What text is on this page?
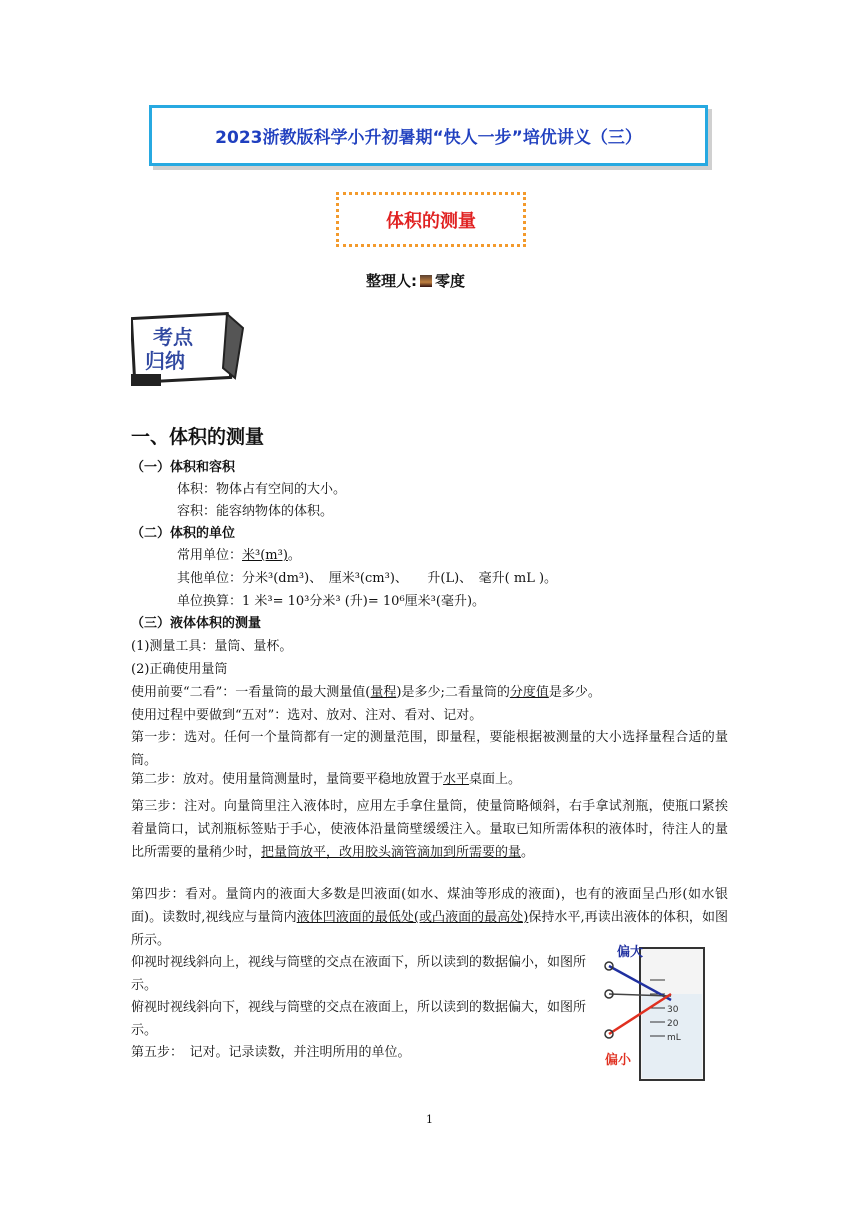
2023浙教版科学小升初暑期“快人一步”培优讲义（三）
体积的测量
整理人: 零度
考点
归纳
一、体积的测量
（一）体积和容积
体积：物体占有空间的大小。
容积：能容纳物体的体积。
（二）体积的单位
常用单位：米³(m³)。
其他单位：分米³(dm³)、　厘米³(cm³)、　　升(L)、　毫升( mL )。
单位换算：1 米³= 10³分米³ (升)= 10⁶厘米³(毫升)。
（三）液体体积的测量
(1)测量工具：量筒、量杯。
(2)正确使用量筒
使用前要“二看”：一看量筒的最大测量值(量程)是多少;二看量筒的分度值是多少。
使用过程中要做到“五对”：选对、放对、注对、看对、记对。
第一步：选对。任何一个量筒都有一定的测量范围，即量程，要能根据被测量的大小选择量程合适的量筒。
第二步：放对。使用量筒测量时，量筒要平稳地放置于水平桌面上。
第三步：注对。向量筒里注入液体时，应用左手拿住量筒，使量筒略倾斜，右手拿试剂瓶，使瓶口紧挨着量筒口，试剂瓶标签贴于手心，使液体沿量筒壁缓缓注入。量取已知所需体积的液体时，待注人的量比所需要的量稍少时，把量筒放平，改用胶头滴管滴加到所需要的量。
第四步：看对。量筒内的液面大多数是凹液面(如水、煤油等形成的液面)，也有的液面呈凸形(如水银面)。读数时,视线应与量筒内液体凹液面的最低处(或凸液面的最高处)保持水平,再读出液体的体积，如图所示。
仰视时视线斜向上，视线与筒壁的交点在液面下，所以读到的数据偏小，如图所示。
俯视时视线斜向下，视线与筒壁的交点在液面上，所以读到的数据偏大，如图所示。
第五步：　记对。记录读数，并注明所用的单位。
30
20
mL
偏大
偏小
1
